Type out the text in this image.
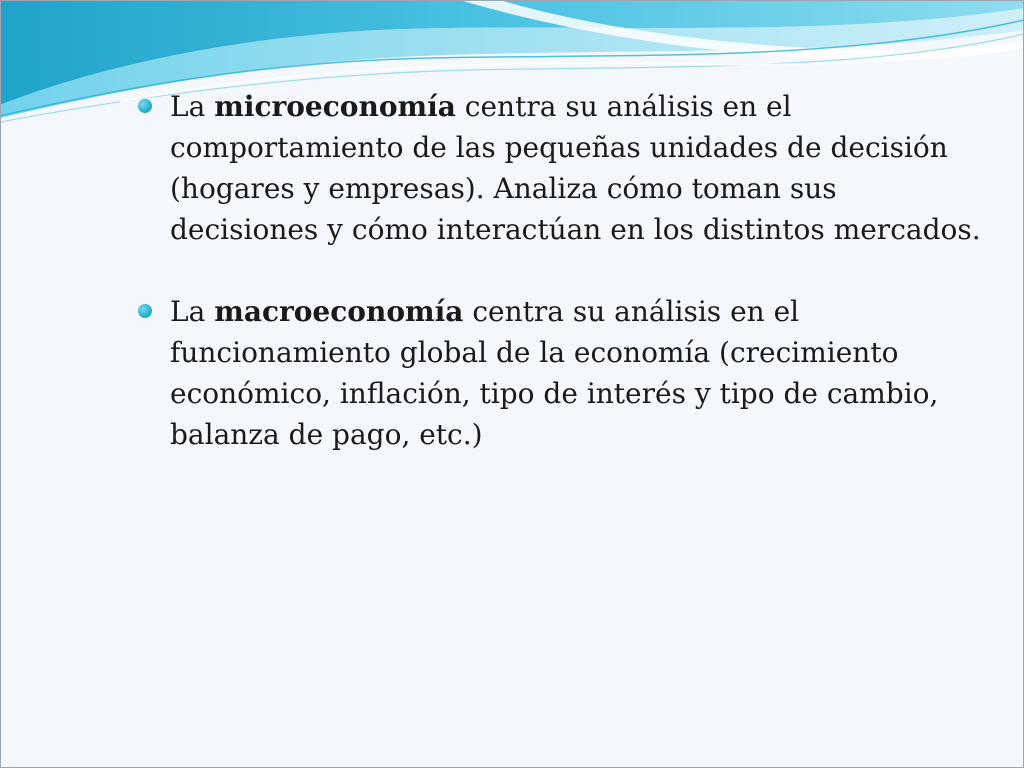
La microeconomía centra su análisis en el comportamiento de las pequeñas unidades de decisión (hogares y empresas). Analiza cómo toman sus decisiones y cómo interactúan en los distintos mercados.

La macroeconomía centra su análisis en el funcionamiento global de la economía (crecimiento económico, inflación, tipo de interés y tipo de cambio, balanza de pago, etc.)
